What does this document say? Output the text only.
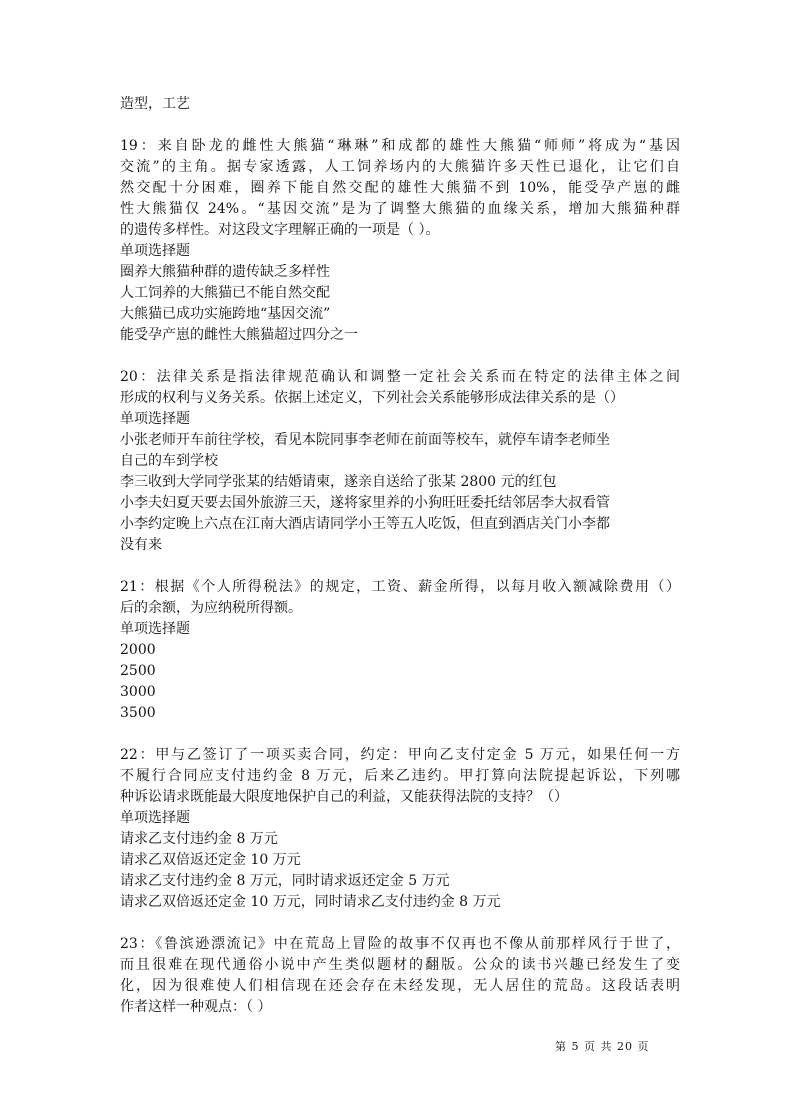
造型，工艺
19：来自卧龙的雌性大熊猫“琳琳”和成都的雄性大熊猫“师师”将成为“基因
交流”的主角。据专家透露，人工饲养场内的大熊猫许多天性已退化，让它们自
然交配十分困难，圈养下能自然交配的雄性大熊猫不到 10%，能受孕产崽的雌
性大熊猫仅 24%。“基因交流”是为了调整大熊猫的血缘关系，增加大熊猫种群
的遗传多样性。对这段文字理解正确的一项是（ ）。
单项选择题
圈养大熊猫种群的遗传缺乏多样性
人工饲养的大熊猫已不能自然交配
大熊猫已成功实施跨地“基因交流”
能受孕产崽的雌性大熊猫超过四分之一
20：法律关系是指法律规范确认和调整一定社会关系而在特定的法律主体之间
形成的权利与义务关系。依据上述定义，下列社会关系能够形成法律关系的是（）
单项选择题
小张老师开车前往学校，看见本院同事李老师在前面等校车，就停车请李老师坐
自己的车到学校
李三收到大学同学张某的结婚请柬，遂亲自送给了张某 2800 元的红包
小李夫妇夏天要去国外旅游三天，遂将家里养的小狗旺旺委托结邻居李大叔看管
小李约定晚上六点在江南大酒店请同学小王等五人吃饭，但直到酒店关门小李都
没有来
21：根据《个人所得税法》的规定，工资、薪金所得，以每月收入额减除费用（）
后的余额，为应纳税所得额。
单项选择题
2000
2500
3000
3500
22：甲与乙签订了一项买卖合同，约定：甲向乙支付定金 5 万元，如果任何一方
不履行合同应支付违约金 8 万元，后来乙违约。甲打算向法院提起诉讼，下列哪
种诉讼请求既能最大限度地保护自己的利益，又能获得法院的支持？（）
单项选择题
请求乙支付违约金 8 万元
请求乙双倍返还定金 10 万元
请求乙支付违约金 8 万元，同时请求返还定金 5 万元
请求乙双倍返还定金 10 万元，同时请求乙支付违约金 8 万元
23：《鲁滨逊漂流记》中在荒岛上冒险的故事不仅再也不像从前那样风行于世了，
而且很难在现代通俗小说中产生类似题材的翻版。公众的读书兴趣已经发生了变
化，因为很难使人们相信现在还会存在未经发现，无人居住的荒岛。这段话表明
作者这样一种观点：（ ）
第 5 页 共 20 页
